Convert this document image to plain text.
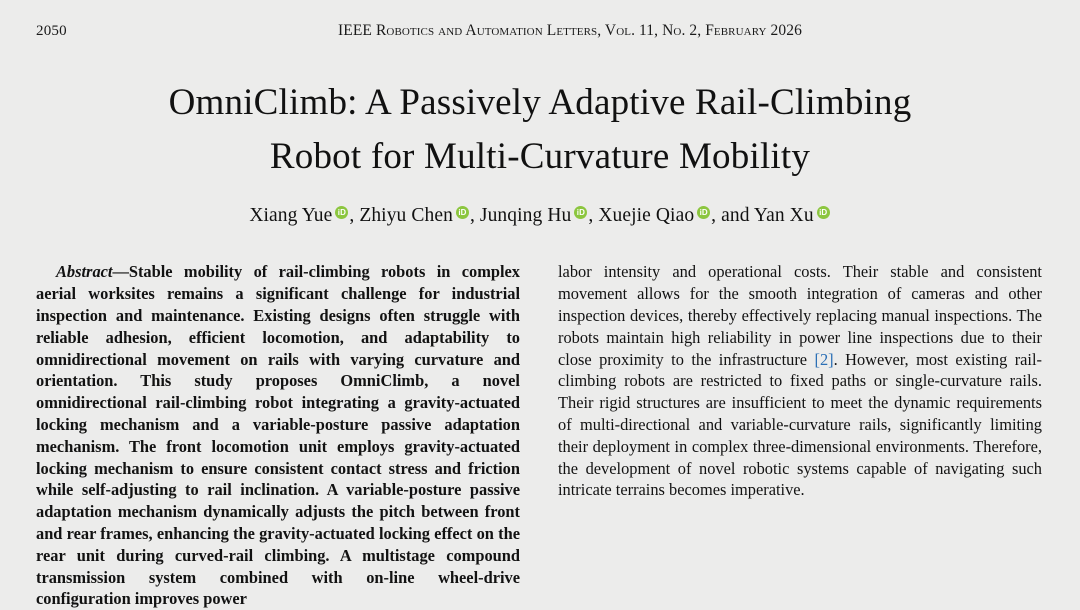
2050	IEEE Robotics and Automation Letters, Vol. 11, No. 2, February 2026
OmniClimb: A Passively Adaptive Rail-Climbing
Robot for Multi-Curvature Mobility
Xiang Yue iD , Zhiyu Chen iD , Junqing Hu iD , Xuejie Qiao iD , and Yan XuiD

Abstract—Stable mobility of rail-climbing robots in complex aerial worksites remains a significant challenge for industrial inspection and maintenance. Existing designs often struggle with reliable adhesion, efficient locomotion, and adaptability to omnidirectional movement on rails with varying curvature and orientation. This study proposes OmniClimb, a novel omnidirectional rail-climbing robot integrating a gravity-actuated locking mechanism and a variable-posture passive adaptation mechanism. The front locomotion unit employs gravity-actuated locking mechanism to ensure consistent contact stress and friction while self-adjusting to rail inclination. A variable-posture passive adaptation mechanism dynamically adjusts the pitch between front and rear frames, enhancing the gravity-actuated locking effect on the rear unit during curved-rail climbing. A multistage compound transmission system combined with on-line wheel-drive configuration improves power

labor intensity and operational costs. Their stable and consistent movement allows for the smooth integration of cameras and other inspection devices, thereby effectively replacing manual inspections. The robots maintain high reliability in power line inspections due to their close proximity to the infrastructure [2]. However, most existing rail-climbing robots are restricted to fixed paths or single-curvature rails. Their rigid structures are insufficient to meet the dynamic requirements of multi-directional and variable-curvature rails, significantly limiting their deployment in complex three-dimensional environments. Therefore, the development of novel robotic systems capable of navigating such intricate terrains becomes imperative.
